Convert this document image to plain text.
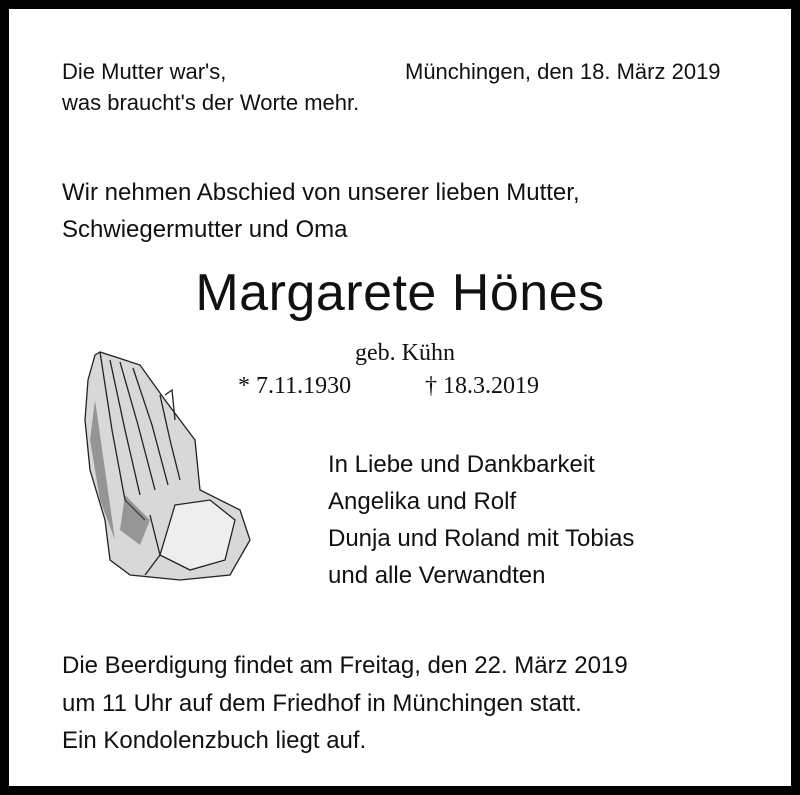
Die Mutter war's,

was braucht's der Worte mehr.

Münchingen, den 18. März 2019

Wir nehmen Abschied von unserer lieben Mutter,

Schwiegermutter und Oma

Margarete Hönes

geb. Kühn

* 7.11.1930	† 18.3.2019

In Liebe und Dankbarkeit

Angelika und Rolf

Dunja und Roland mit Tobias

und alle Verwandten

Die Beerdigung findet am Freitag, den 22. März 2019

um 11 Uhr auf dem Friedhof in Münchingen statt.

Ein Kondolenzbuch liegt auf.
